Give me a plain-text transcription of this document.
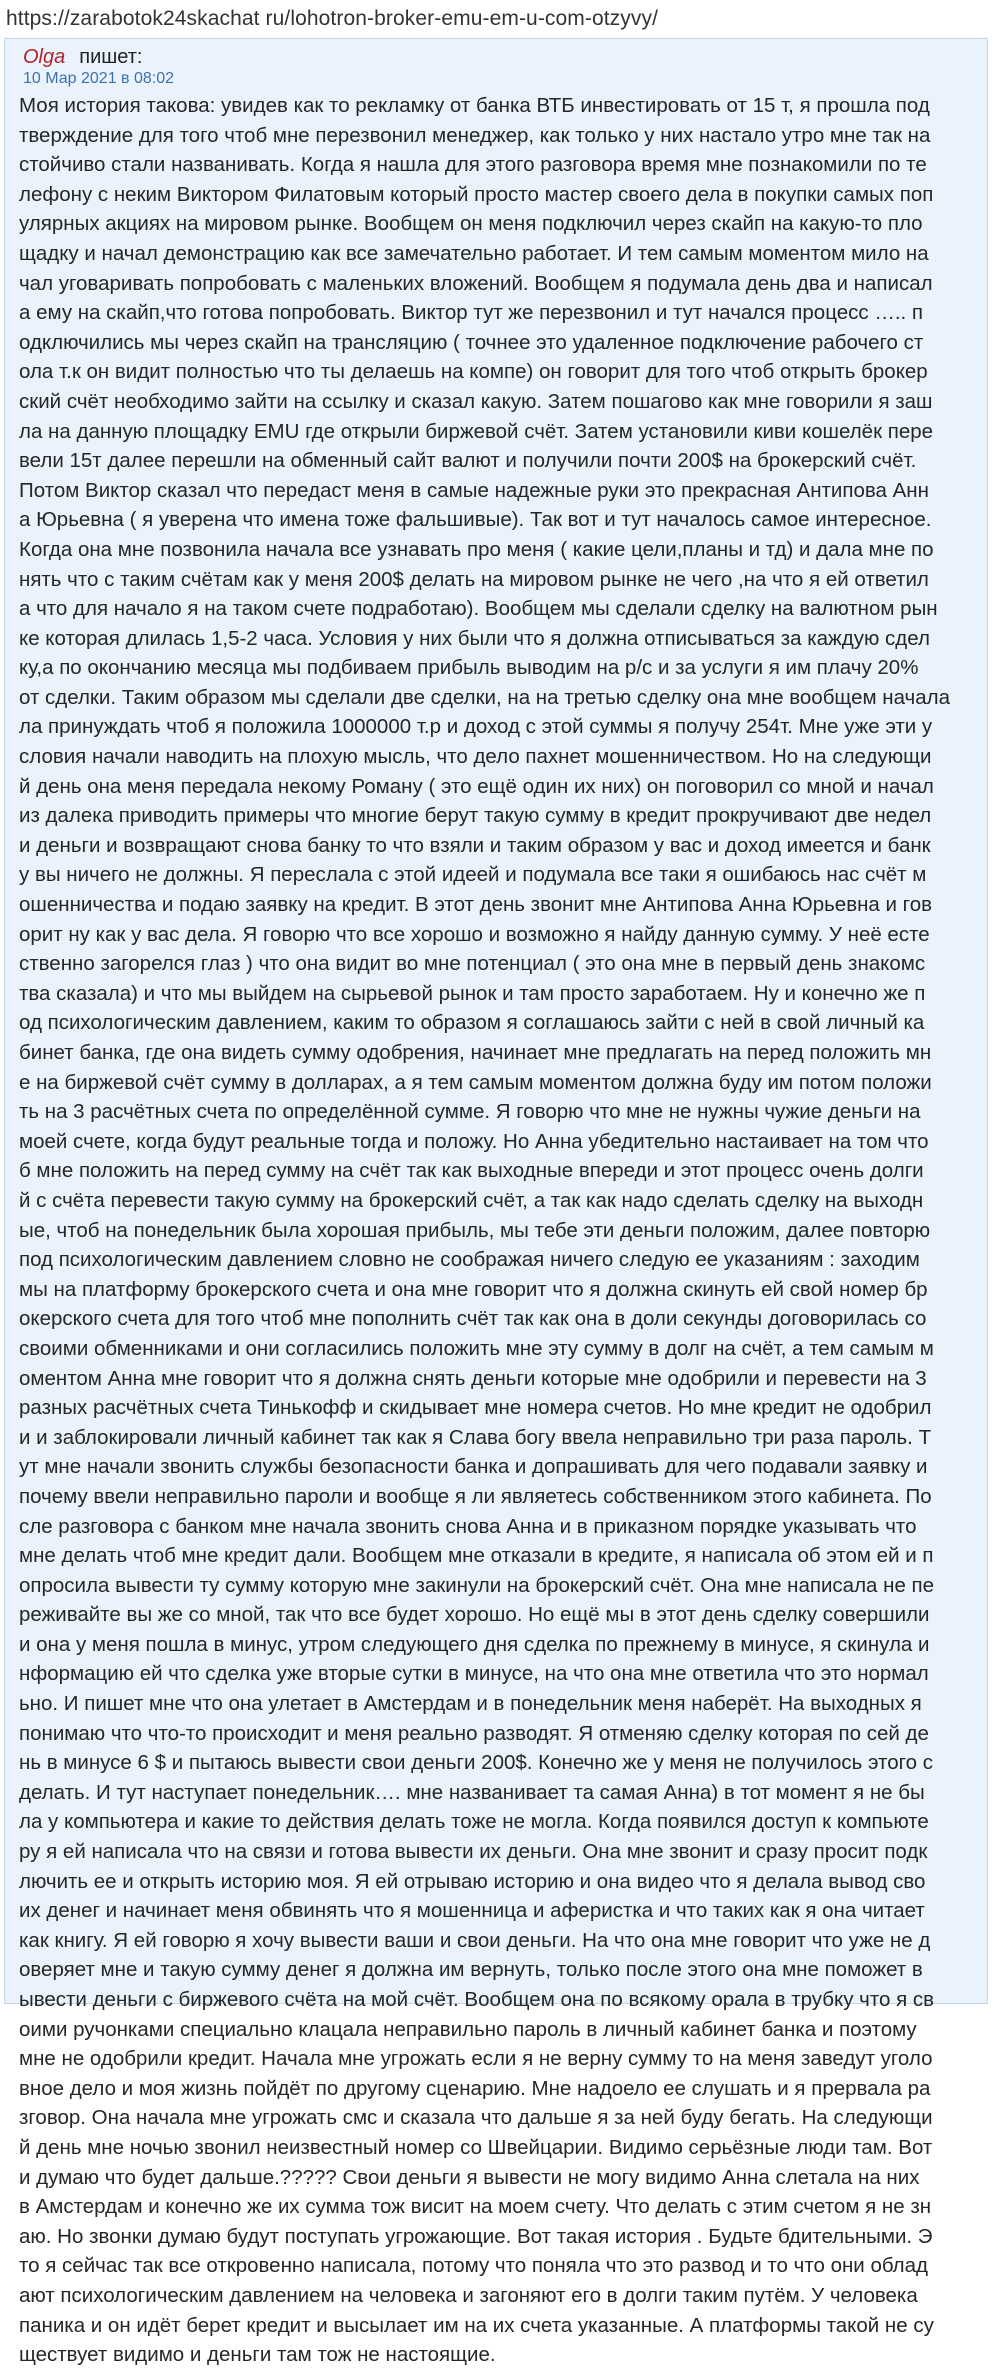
https://zarabotok24skachat ru/lohotron-broker-emu-em-u-com-otzyvy/
Olga пишет:
10 Мар 2021 в 08:02
Моя история такова: увидев как то рекламку от банка ВТБ инвестировать от 15 т, я прошла под
тверждение для того чтоб мне перезвонил менеджер, как только у них настало утро мне так на
стойчиво стали названивать. Когда я нашла для этого разговора время мне познакомили по те
лефону с неким Виктором Филатовым который просто мастер своего дела в покупки самых поп
улярных акциях на мировом рынке. Вообщем он меня подключил через скайп на какую-то пло
щадку и начал демонстрацию как все замечательно работает. И тем самым моментом мило на
чал уговаривать попробовать с маленьких вложений. Вообщем я подумала день два и написал
а ему на скайп,что готова попробовать. Виктор тут же перезвонил и тут начался процесс ….. п
одключились мы через скайп на трансляцию ( точнее это удаленное подключение рабочего ст
ола т.к он видит полностью что ты делаешь на компе) он говорит для того чтоб открыть брокер
ский счёт необходимо зайти на ссылку и сказал какую. Затем пошагово как мне говорили я заш
ла на данную площадку EMU где открыли биржевой счёт. Затем установили киви кошелёк пере
вели 15т далее перешли на обменный сайт валют и получили почти 200$ на брокерский счёт.
Потом Виктор сказал что передаст меня в самые надежные руки это прекрасная Антипова Анн
а Юрьевна ( я уверена что имена тоже фальшивые). Так вот и тут началось самое интересное.
Когда она мне позвонила начала все узнавать про меня ( какие цели,планы и тд) и дала мне по
нять что с таким счётам как у меня 200$ делать на мировом рынке не чего ,на что я ей ответил
а что для начало я на таком счете подработаю). Вообщем мы сделали сделку на валютном рын
ке которая длилась 1,5-2 часа. Условия у них были что я должна отписываться за каждую сдел
ку,а по окончанию месяца мы подбиваем прибыль выводим на р/с и за услуги я им плачу 20%
от сделки. Таким образом мы сделали две сделки, на на третью сделку она мне вообщем начала
ла принуждать чтоб я положила 1000000 т.р и доход с этой суммы я получу 254т. Мне уже эти у
словия начали наводить на плохую мысль, что дело пахнет мошенничеством. Но на следующи
й день она меня передала некому Роману ( это ещё один их них) он поговорил со мной и начал
из далека приводить примеры что многие берут такую сумму в кредит прокручивают две недел
и деньги и возвращают снова банку то что взяли и таким образом у вас и доход имеется и банк
у вы ничего не должны. Я переслала с этой идеей и подумала все таки я ошибаюсь нас счёт м
ошенничества и подаю заявку на кредит. В этот день звонит мне Антипова Анна Юрьевна и гов
орит ну как у вас дела. Я говорю что все хорошо и возможно я найду данную сумму. У неё есте
ственно загорелся глаз ) что она видит во мне потенциал ( это она мне в первый день знакомс
тва сказала) и что мы выйдем на сырьевой рынок и там просто заработаем. Ну и конечно же п
од психологическим давлением, каким то образом я соглашаюсь зайти с ней в свой личный ка
бинет банка, где она видеть сумму одобрения, начинает мне предлагать на перед положить мн
е на биржевой счёт сумму в долларах, а я тем самым моментом должна буду им потом положи
ть на 3 расчётных счета по определённой сумме. Я говорю что мне не нужны чужие деньги на
моей счете, когда будут реальные тогда и положу. Но Анна убедительно настаивает на том что
б мне положить на перед сумму на счёт так как выходные впереди и этот процесс очень долги
й с счёта перевести такую сумму на брокерский счёт, а так как надо сделать сделку на выходн
ые, чтоб на понедельник была хорошая прибыль, мы тебе эти деньги положим, далее повторю
под психологическим давлением словно не соображая ничего следую ее указаниям : заходим
мы на платформу брокерского счета и она мне говорит что я должна скинуть ей свой номер бр
окерского счета для того чтоб мне пополнить счёт так как она в доли секунды договорилась со
своими обменниками и они согласились положить мне эту сумму в долг на счёт, а тем самым м
оментом Анна мне говорит что я должна снять деньги которые мне одобрили и перевести на 3
разных расчётных счета Тинькофф и скидывает мне номера счетов. Но мне кредит не одобрил
и и заблокировали личный кабинет так как я Слава богу ввела неправильно три раза пароль. Т
ут мне начали звонить службы безопасности банка и допрашивать для чего подавали заявку и
почему ввели неправильно пароли и вообще я ли являетесь собственником этого кабинета. По
сле разговора с банком мне начала звонить снова Анна и в приказном порядке указывать что
мне делать чтоб мне кредит дали. Вообщем мне отказали в кредите, я написала об этом ей и п
опросила вывести ту сумму которую мне закинули на брокерский счёт. Она мне написала не пе
реживайте вы же со мной, так что все будет хорошо. Но ещё мы в этот день сделку совершили
и она у меня пошла в минус, утром следующего дня сделка по прежнему в минусе, я скинула и
нформацию ей что сделка уже вторые сутки в минусе, на что она мне ответила что это нормал
ьно. И пишет мне что она улетает в Амстердам и в понедельник меня наберёт. На выходных я
понимаю что что-то происходит и меня реально разводят. Я отменяю сделку которая по сей де
нь в минусе 6 $ и пытаюсь вывести свои деньги 200$. Конечно же у меня не получилось этого с
делать. И тут наступает понедельник…. мне названивает та самая Анна) в тот момент я не бы
ла у компьютера и какие то действия делать тоже не могла. Когда появился доступ к компьюте
ру я ей написала что на связи и готова вывести их деньги. Она мне звонит и сразу просит подк
лючить ее и открыть историю моя. Я ей отрываю историю и она видео что я делала вывод сво
их денег и начинает меня обвинять что я мошенница и аферистка и что таких как я она читает
как книгу. Я ей говорю я хочу вывести ваши и свои деньги. На что она мне говорит что уже не д
оверяет мне и такую сумму денег я должна им вернуть, только после этого она мне поможет в
ывести деньги с биржевого счёта на мой счёт. Вообщем она по всякому орала в трубку что я св
оими ручонками специально клацала неправильно пароль в личный кабинет банка и поэтому
мне не одобрили кредит. Начала мне угрожать если я не верну сумму то на меня заведут уголо
вное дело и моя жизнь пойдёт по другому сценарию. Мне надоело ее слушать и я прервала ра
зговор. Она начала мне угрожать смс и сказала что дальше я за ней буду бегать. На следующи
й день мне ночью звонил неизвестный номер со Швейцарии. Видимо серьёзные люди там. Вот
и думаю что будет дальше.????? Свои деньги я вывести не могу видимо Анна слетала на них
в Амстердам и конечно же их сумма тож висит на моем счету. Что делать с этим счетом я не зн
аю. Но звонки думаю будут поступать угрожающие. Вот такая история . Будьте бдительными. Э
то я сейчас так все откровенно написала, потому что поняла что это развод и то что они облад
ают психологическим давлением на человека и загоняют его в долги таким путём. У человека
паника и он идёт берет кредит и высылает им на их счета указанные. А платформы такой не су
ществует видимо и деньги там тож не настоящие.
